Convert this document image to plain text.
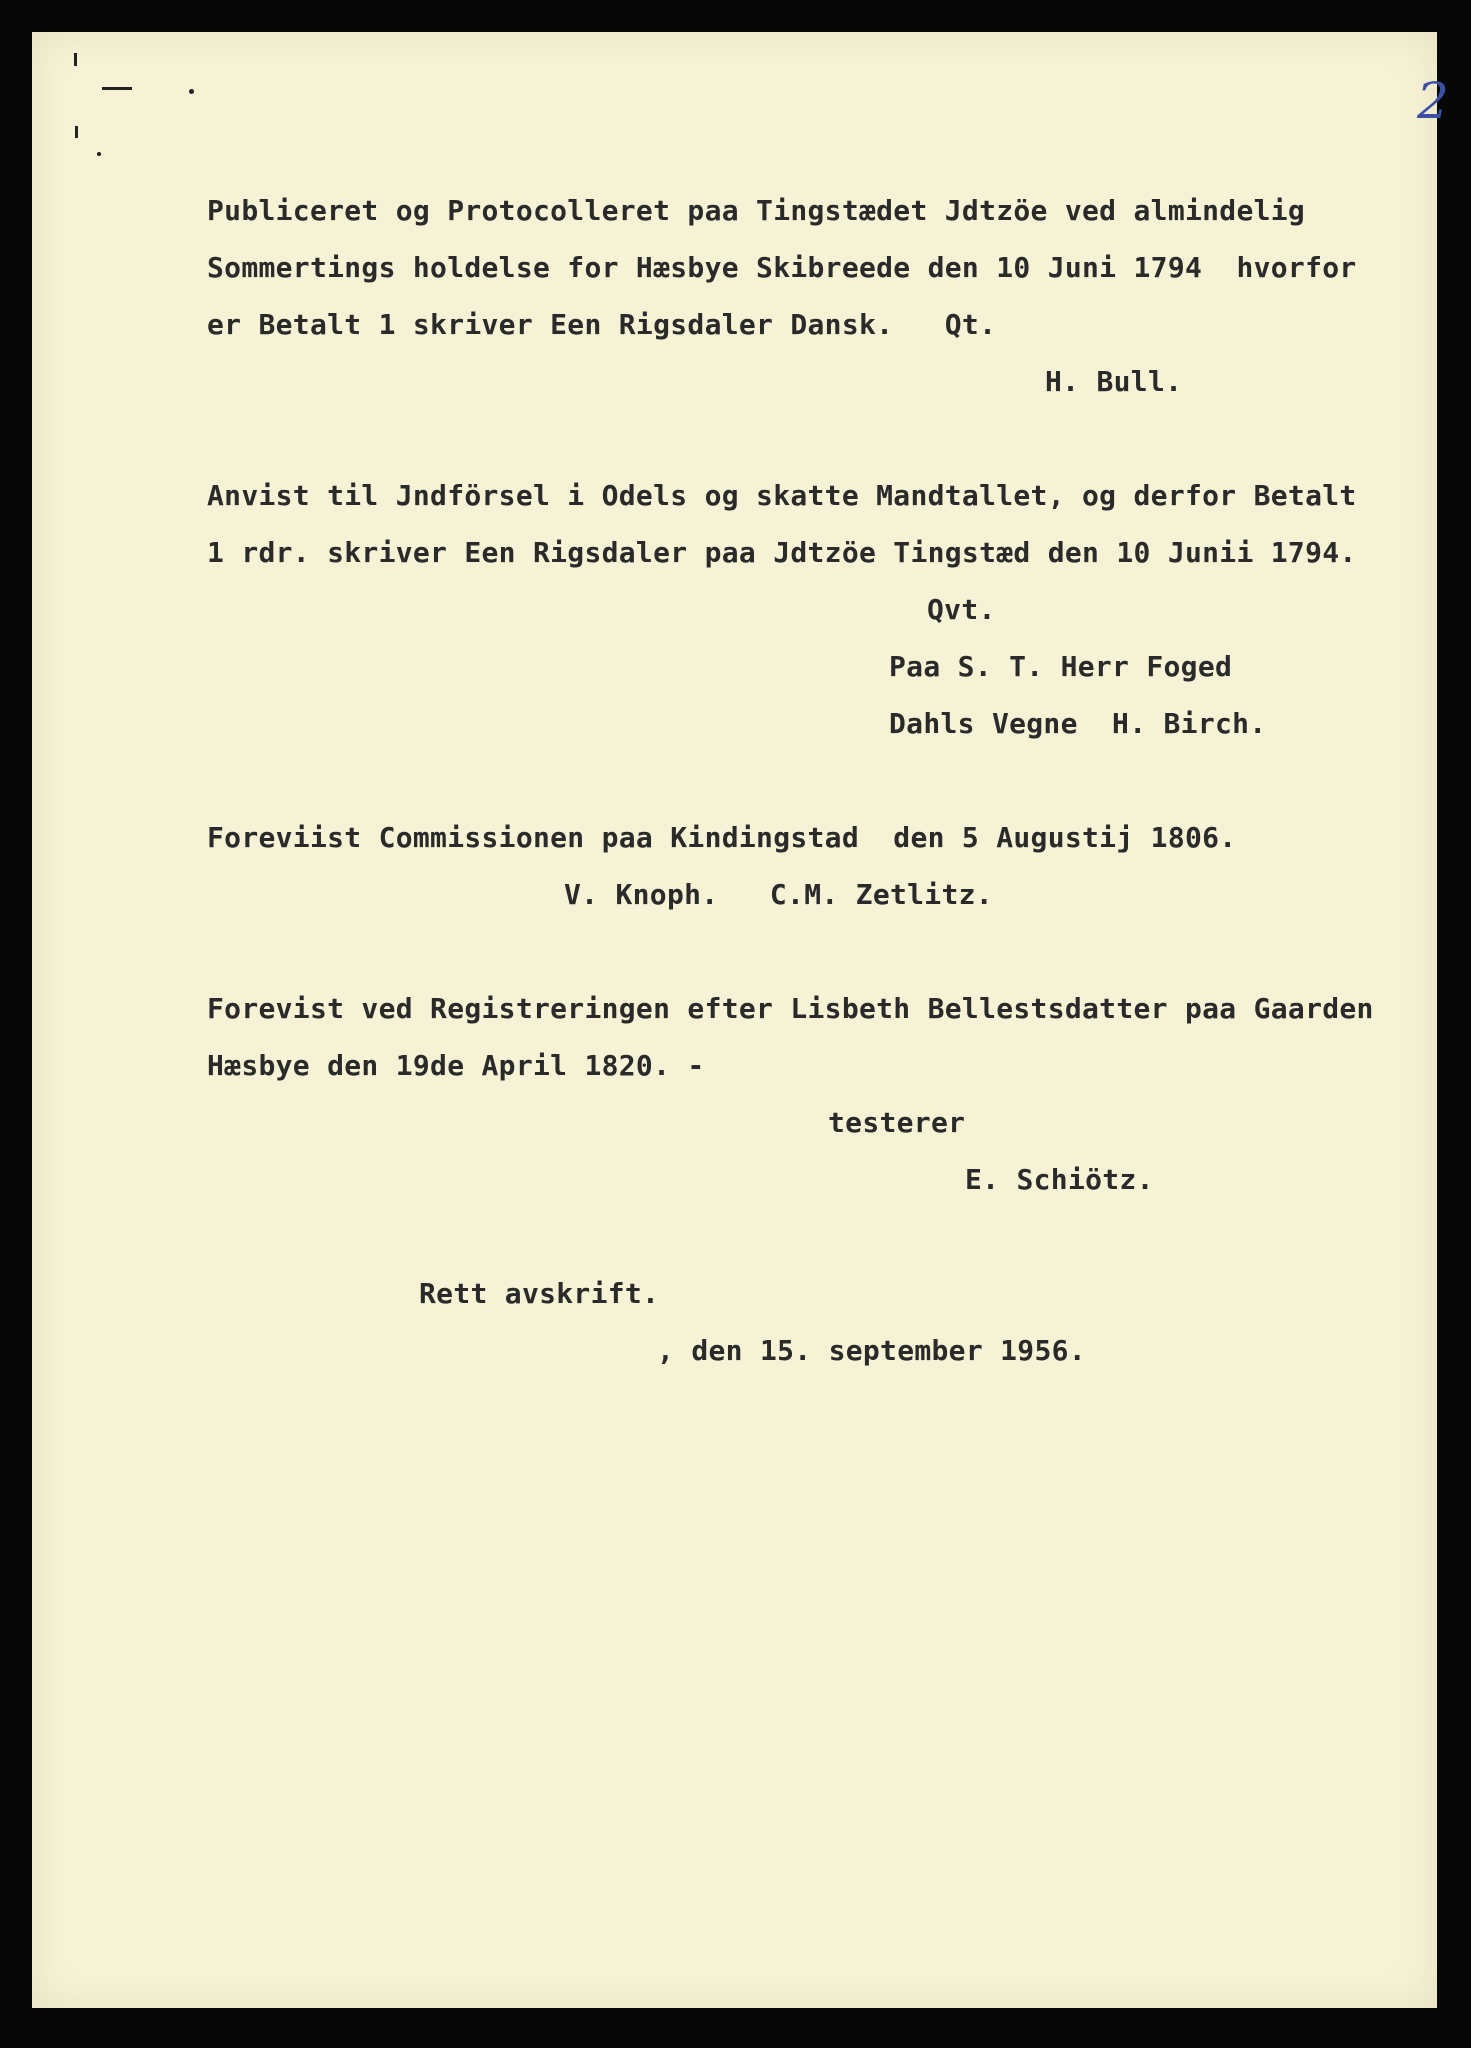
2

Publiceret og Protocolleret paa Tingstædet Jdtzöe ved almindelig

Sommertings holdelse for Hæsbye Skibreede den 10 Juni 1794  hvorfor

er Betalt 1 skriver Een Rigsdaler Dansk.   Qt.

H. Bull.

Anvist til Jndförsel i Odels og skatte Mandtallet, og derfor Betalt

1 rdr. skriver Een Rigsdaler paa Jdtzöe Tingstæd den 10 Junii 1794.

Qvt.

Paa S. T. Herr Foged

Dahls Vegne  H. Birch.

Foreviist Commissionen paa Kindingstad  den 5 Augustij 1806.

V. Knoph.   C.M. Zetlitz.

Forevist ved Registreringen efter Lisbeth Bellestsdatter paa Gaarden

Hæsbye den 19de April 1820. -

testerer

E. Schiötz.

Rett avskrift.

, den 15. september 1956.
